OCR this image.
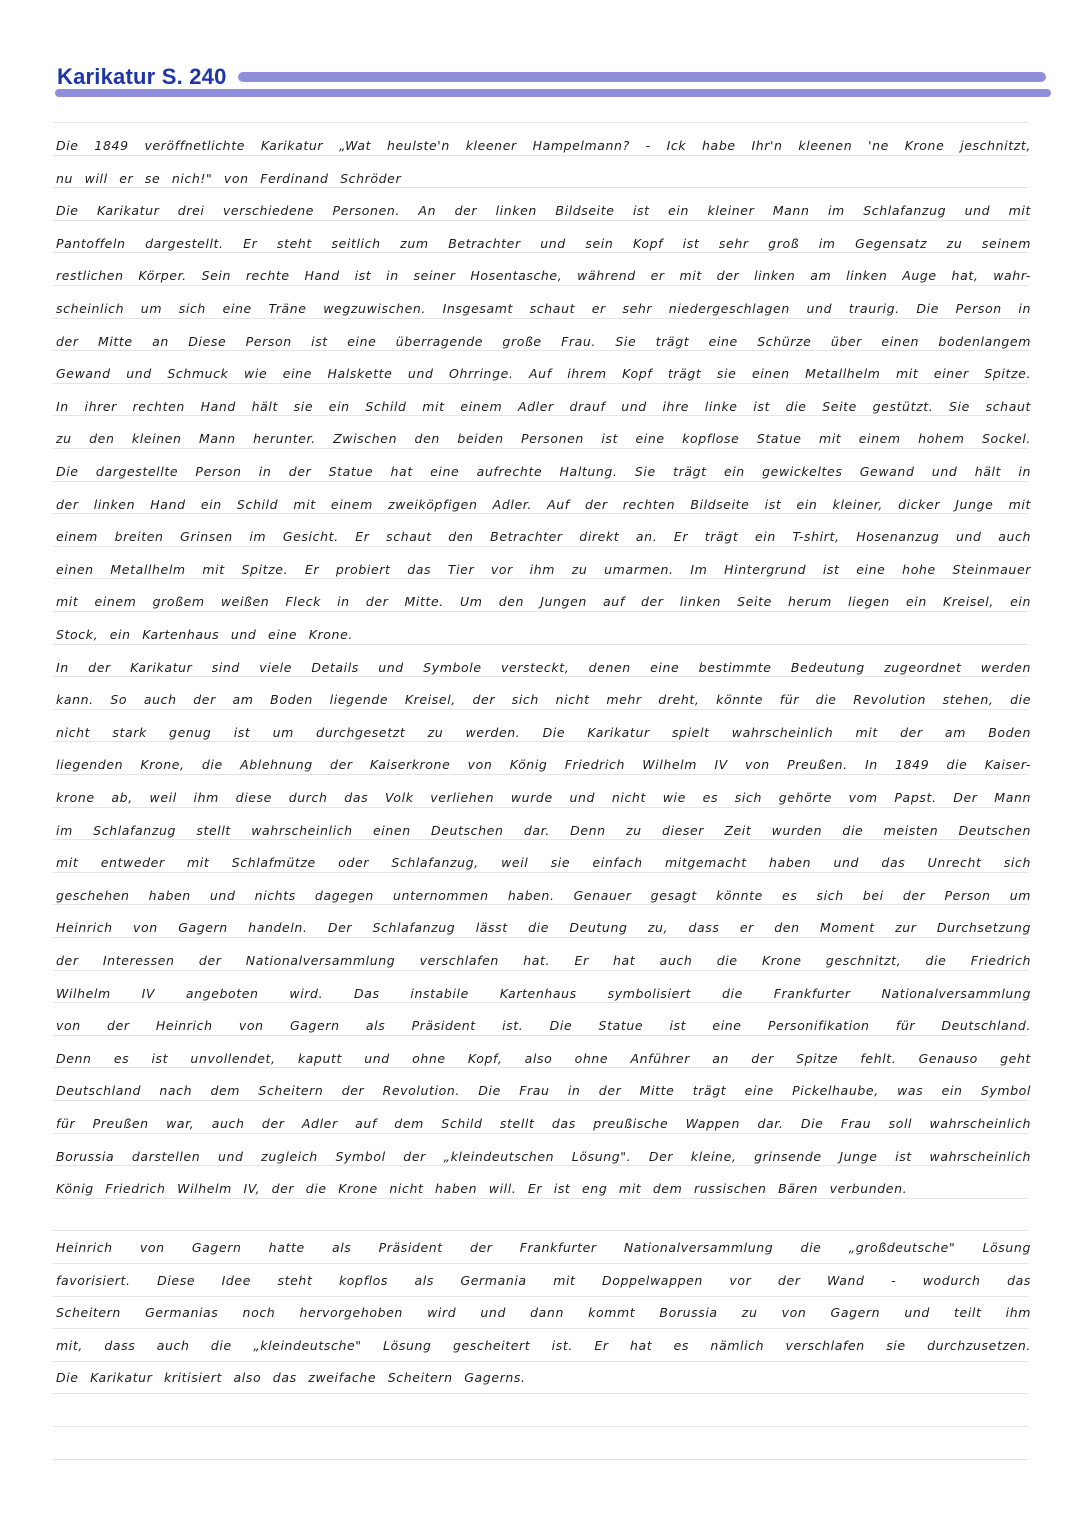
Karikatur S. 240
Die 1849 veröffnetlichte Karikatur „Wat heulste'n kleener Hampelmann? - Ick habe Ihr'n kleenen 'ne Krone jeschnitzt,
nu will er se nich!" von Ferdinand Schröder
Die Karikatur drei verschiedene Personen. An der linken Bildseite ist ein kleiner Mann im Schlafanzug und mit
Pantoffeln dargestellt. Er steht seitlich zum Betrachter und sein Kopf ist sehr groß im Gegensatz zu seinem
restlichen Körper. Sein rechte Hand ist in seiner Hosentasche, während er mit der linken am linken Auge hat, wahr-
scheinlich um sich eine Träne wegzuwischen. Insgesamt schaut er sehr niedergeschlagen und traurig. Die Person in
der Mitte an Diese Person ist eine überragende große Frau. Sie trägt eine Schürze über einen bodenlangem
Gewand und Schmuck wie eine Halskette und Ohrringe. Auf ihrem Kopf trägt sie einen Metallhelm mit einer Spitze.
In ihrer rechten Hand hält sie ein Schild mit einem Adler drauf und ihre linke ist die Seite gestützt. Sie schaut
zu den kleinen Mann herunter. Zwischen den beiden Personen ist eine kopflose Statue mit einem hohem Sockel.
Die dargestellte Person in der Statue hat eine aufrechte Haltung. Sie trägt ein gewickeltes Gewand und hält in
der linken Hand ein Schild mit einem zweiköpfigen Adler. Auf der rechten Bildseite ist ein kleiner, dicker Junge mit
einem breiten Grinsen im Gesicht. Er schaut den Betrachter direkt an. Er trägt ein T-shirt, Hosenanzug und auch
einen Metallhelm mit Spitze. Er probiert das Tier vor ihm zu umarmen. Im Hintergrund ist eine hohe Steinmauer
mit einem großem weißen Fleck in der Mitte. Um den Jungen auf der linken Seite herum liegen ein Kreisel, ein
Stock, ein Kartenhaus und eine Krone.
In der Karikatur sind viele Details und Symbole versteckt, denen eine bestimmte Bedeutung zugeordnet werden
kann. So auch der am Boden liegende Kreisel, der sich nicht mehr dreht, könnte für die Revolution stehen, die
nicht stark genug ist um durchgesetzt zu werden. Die Karikatur spielt wahrscheinlich mit der am Boden
liegenden Krone, die Ablehnung der Kaiserkrone von König Friedrich Wilhelm IV von Preußen. In 1849 die Kaiser-
krone ab, weil ihm diese durch das Volk verliehen wurde und nicht wie es sich gehörte vom Papst. Der Mann
im Schlafanzug stellt wahrscheinlich einen Deutschen dar. Denn zu dieser Zeit wurden die meisten Deutschen
mit entweder mit Schlafmütze oder Schlafanzug, weil sie einfach mitgemacht haben und das Unrecht sich
geschehen haben und nichts dagegen unternommen haben. Genauer gesagt könnte es sich bei der Person um
Heinrich von Gagern handeln. Der Schlafanzug lässt die Deutung zu, dass er den Moment zur Durchsetzung
der Interessen der Nationalversammlung verschlafen hat. Er hat auch die Krone geschnitzt, die Friedrich
Wilhelm IV angeboten wird. Das instabile Kartenhaus symbolisiert die Frankfurter Nationalversammlung
von der Heinrich von Gagern als Präsident ist. Die Statue ist eine Personifikation für Deutschland.
Denn es ist unvollendet, kaputt und ohne Kopf, also ohne Anführer an der Spitze fehlt. Genauso geht
Deutschland nach dem Scheitern der Revolution. Die Frau in der Mitte trägt eine Pickelhaube, was ein Symbol
für Preußen war, auch der Adler auf dem Schild stellt das preußische Wappen dar. Die Frau soll wahrscheinlich
Borussia darstellen und zugleich Symbol der „kleindeutschen Lösung". Der kleine, grinsende Junge ist wahrscheinlich
König Friedrich Wilhelm IV, der die Krone nicht haben will. Er ist eng mit dem russischen Bären verbunden.
Heinrich von Gagern hatte als Präsident der Frankfurter Nationalversammlung die „großdeutsche" Lösung
favorisiert. Diese Idee steht kopflos als Germania mit Doppelwappen vor der Wand - wodurch das
Scheitern Germanias noch hervorgehoben wird und dann kommt Borussia zu von Gagern und teilt ihm
mit, dass auch die „kleindeutsche" Lösung gescheitert ist. Er hat es nämlich verschlafen sie durchzusetzen.
Die Karikatur kritisiert also das zweifache Scheitern Gagerns.
